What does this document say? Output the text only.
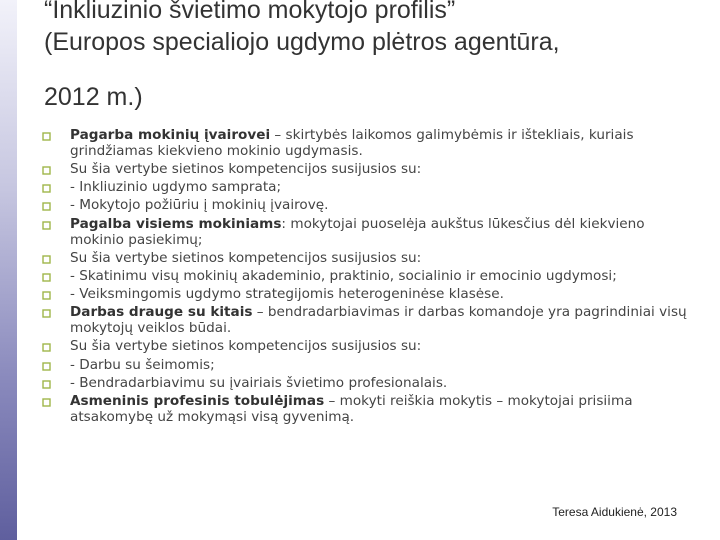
“Inkliuzinio švietimo mokytojo profilis”
(Europos specialiojo ugdymo plėtros agentūra,
2012 m.)
Pagarba mokinių įvairovei – skirtybės laikomos galimybėmis ir ištekliais, kuriais grindžiamas kiekvieno mokinio ugdymasis.
Su šia vertybe sietinos kompetencijos susijusios su:
- Inkliuzinio ugdymo samprata;
- Mokytojo požiūriu į mokinių įvairovę.
Pagalba visiems mokiniams: mokytojai puoselėja aukštus lūkesčius dėl kiekvieno mokinio pasiekimų;
Su šia vertybe sietinos kompetencijos susijusios su:
- Skatinimu visų mokinių akademinio, praktinio, socialinio ir emocinio ugdymosi;
- Veiksmingomis ugdymo strategijomis heterogeninėse klasėse.
Darbas drauge su kitais – bendradarbiavimas ir darbas komandoje yra pagrindiniai visų mokytojų veiklos būdai.
Su šia vertybe sietinos kompetencijos susijusios su:
- Darbu su šeimomis;
- Bendradarbiavimu su įvairiais švietimo profesionalais.
Asmeninis profesinis tobulėjimas – mokyti reiškia mokytis – mokytojai prisiima atsakomybę už mokymąsi visą gyvenimą.
Teresa Aidukienė, 2013
